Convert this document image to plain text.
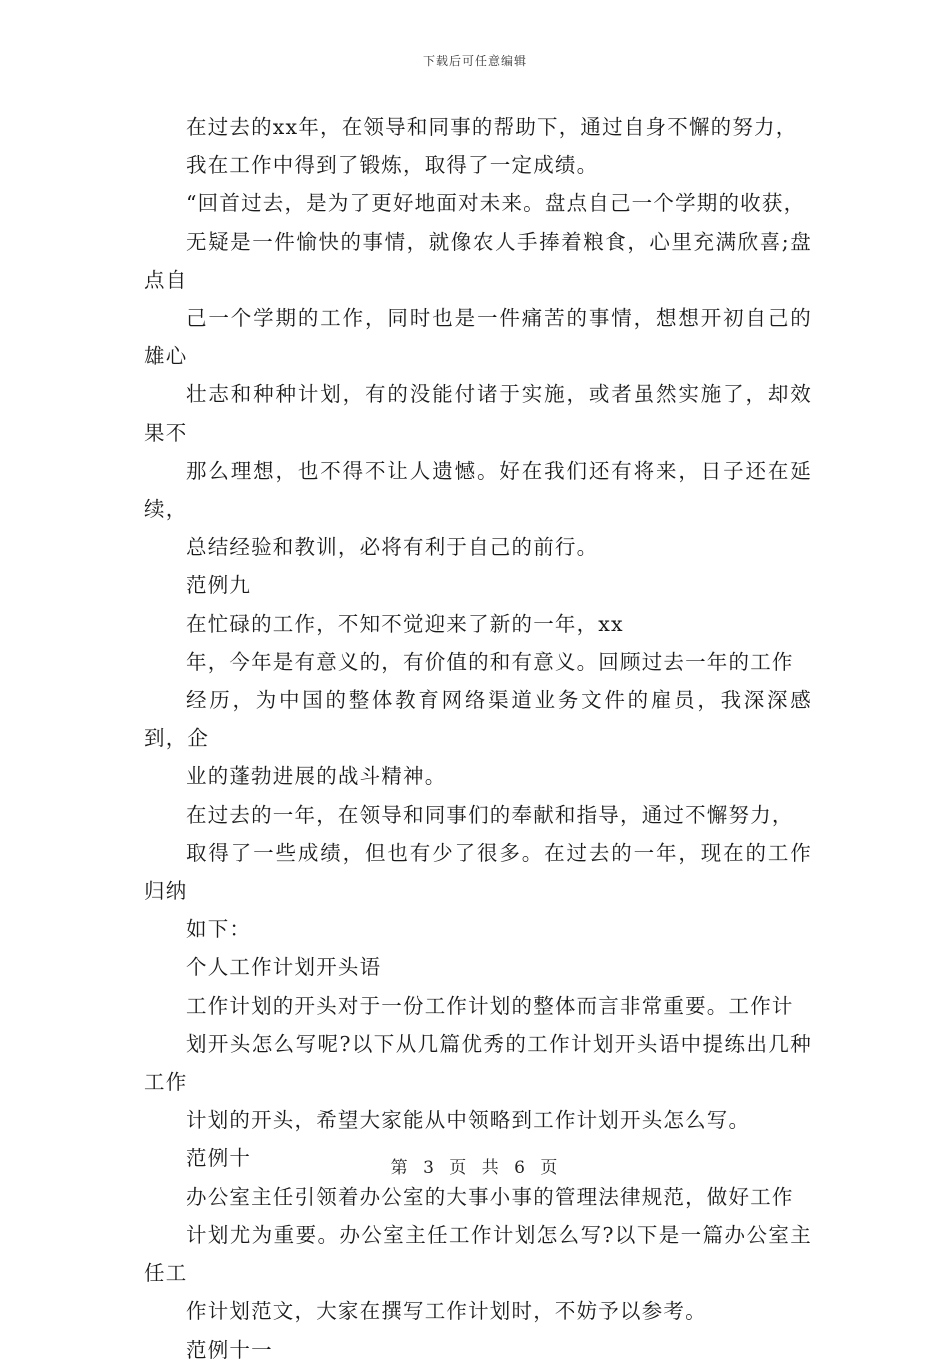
下载后可任意编辑

在过去的xx年，在领导和同事的帮助下，通过自身不懈的努力，
我在工作中得到了锻炼，取得了一定成绩。

“回首过去，是为了更好地面对未来。盘点自己一个学期的收获，
无疑是一件愉快的事情，就像农人手捧着粮食，心里充满欣喜;盘点自
己一个学期的工作，同时也是一件痛苦的事情，想想开初自己的雄心
壮志和种种计划，有的没能付诸于实施，或者虽然实施了，却效果不
那么理想，也不得不让人遗憾。好在我们还有将来，日子还在延续，
总结经验和教训，必将有利于自己的前行。

范例九

在忙碌的工作，不知不觉迎来了新的一年，xx

年，今年是有意义的，有价值的和有意义。回顾过去一年的工作
经历，为中国的整体教育网络渠道业务文件的雇员，我深深感到，企
业的蓬勃进展的战斗精神。

在过去的一年，在领导和同事们的奉献和指导，通过不懈努力，
取得了一些成绩，但也有少了很多。在过去的一年，现在的工作归纳
如下：

个人工作计划开头语

工作计划的开头对于一份工作计划的整体而言非常重要。工作计
划开头怎么写呢?以下从几篇优秀的工作计划开头语中提练出几种工作
计划的开头，希望大家能从中领略到工作计划开头怎么写。

范例十

办公室主任引领着办公室的大事小事的管理法律规范，做好工作
计划尤为重要。办公室主任工作计划怎么写?以下是一篇办公室主任工
作计划范文，大家在撰写工作计划时，不妨予以参考。

范例十一

第 3 页 共 6 页
